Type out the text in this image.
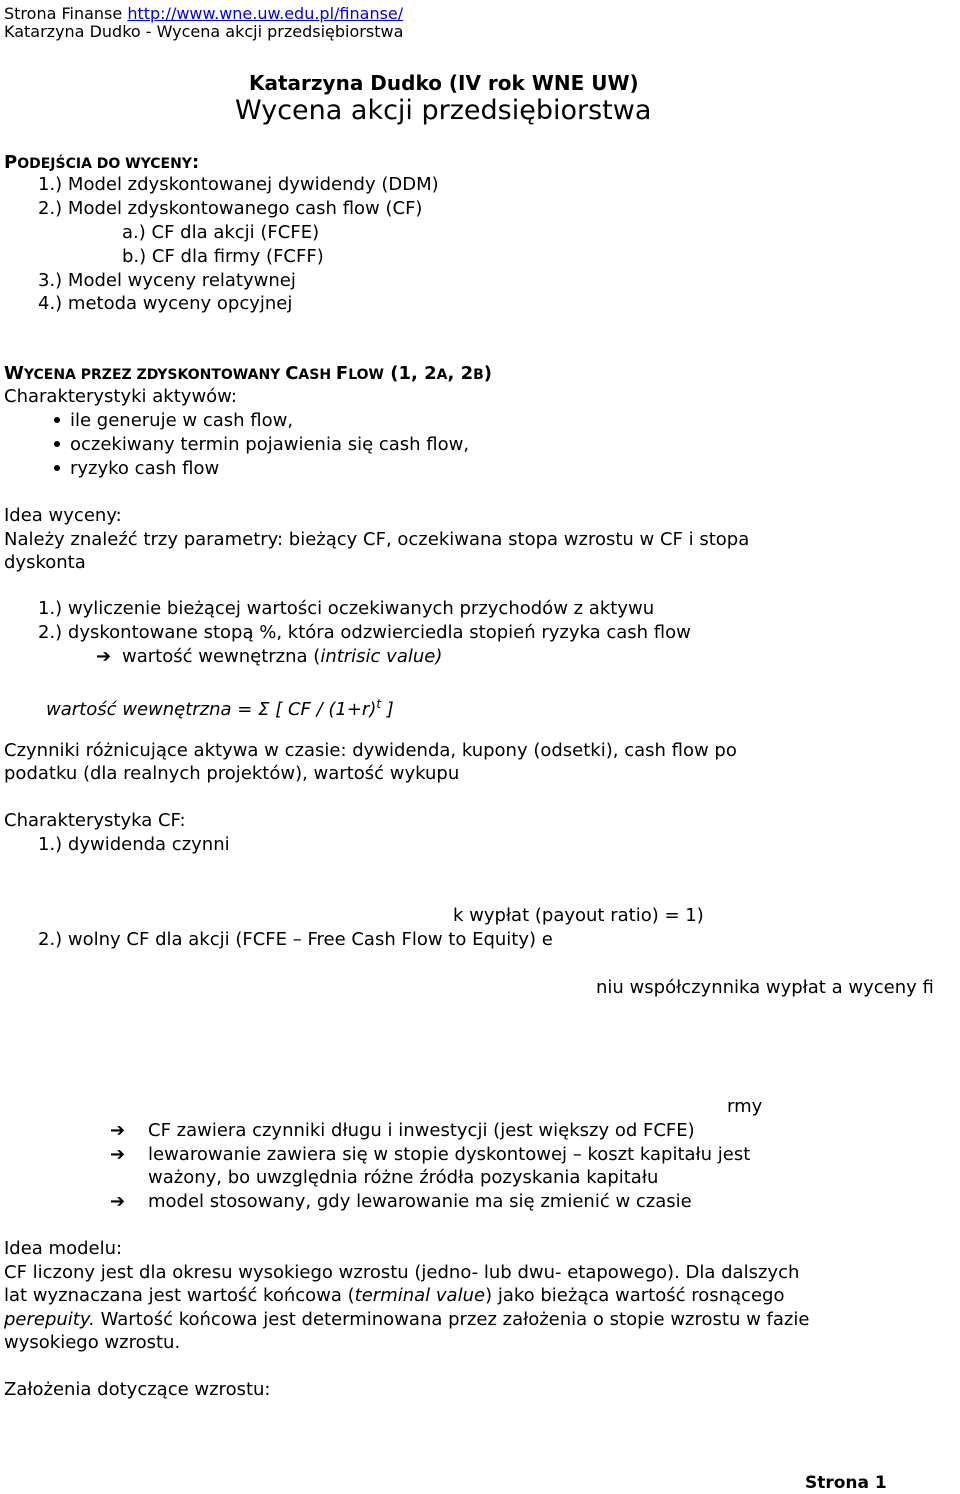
Strona Finanse http://www.wne.uw.edu.pl/finanse/
Katarzyna Dudko - Wycena akcji przedsiębiorstwa
Katarzyna Dudko (IV rok WNE UW)
Wycena akcji przedsiębiorstwa
PODEJŚCIA DO WYCENY:
1.) Model zdyskontowanej dywidendy (DDM)
2.) Model zdyskontowanego cash flow (CF)
a.) CF dla akcji (FCFE)
b.) CF dla firmy (FCFF)
3.) Model wyceny relatywnej
4.) metoda wyceny opcyjnej
WYCENA PRZEZ ZDYSKONTOWANY CASH FLOW (1, 2A, 2B)
Charakterystyki aktywów:
ile generuje w cash flow,
oczekiwany termin pojawienia się cash flow,
ryzyko cash flow
Idea wyceny:
Należy znaleźć trzy parametry: bieżący CF, oczekiwana stopa wzrostu w CF i stopa
dyskonta
1.) wyliczenie bieżącej wartości oczekiwanych przychodów z aktywu
2.) dyskontowane stopą %, która odzwierciedla stopień ryzyka cash flow
➔ wartość wewnętrzna (intrisic value)
wartość wewnętrzna = Σ [ CF / $(1+r)^t$ ]
Czynniki różnicujące aktywa w czasie: dywidenda, kupony (odsetki), cash flow po
podatku (dla realnych projektów), wartość wykupu
Charakterystyka CF:
1.) dywidenda czynni
k wypłat (payout ratio) = 1)
2.) wolny CF dla akcji (FCFE – Free Cash Flow to Equity) e
niu współczynnika wypłat a wyceny fi
rmy
➔ CF zawiera czynniki długu i inwestycji (jest większy od FCFE)
➔ lewarowanie zawiera się w stopie dyskontowej – koszt kapitału jest
ważony, bo uwzględnia różne źródła pozyskania kapitału
➔ model stosowany, gdy lewarowanie ma się zmienić w czasie
Idea modelu:
CF liczony jest dla okresu wysokiego wzrostu (jedno- lub dwu- etapowego). Dla dalszych
lat wyznaczana jest wartość końcowa (terminal value) jako bieżąca wartość rosnącego
perepuity. Wartość końcowa jest determinowana przez założenia o stopie wzrostu w fazie
wysokiego wzrostu.
Założenia dotyczące wzrostu:
Strona 1
